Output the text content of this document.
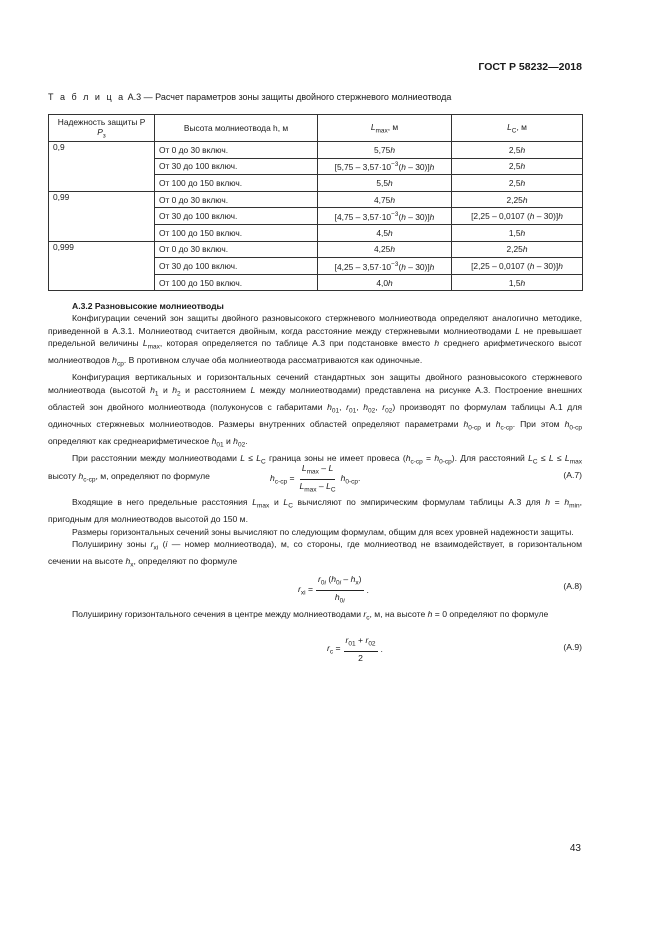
ГОСТ Р 58232—2018
Т а б л и ц а А.3 — Расчет параметров зоны защиты двойного стержневого молниеотвода
Надежность защиты P $P_з$	Высота молниеотвода h, м	$L_{max}$, м	$L_C$, м
0,9	От 0 до 30 включ.	5,75h	2,5h
	От 30 до 100 включ.	$[5,75 - 3,57\cdot 10^{-3}(h - 30)]h$	2,5h
	От 100 до 150 включ.	5,5h	2,5h
0,99	От 0 до 30 включ.	4,75h	2,25h
	От 30 до 100 включ.	$[4,75 - 3,57\cdot 10^{-3}(h - 30)]h$	[2,25 – 0,0107 (h – 30)]h
	От 100 до 150 включ.	4,5h	1,5h
0,999	От 0 до 30 включ.	4,25h	2,25h
	От 30 до 100 включ.	$[4,25 - 3,57\cdot 10^{-3}(h - 30)]h$	[2,25 – 0,0107 (h – 30)]h
	От 100 до 150 включ.	4,0h	1,5h

А.3.2 Разновысокие молниеотводы

Конфигурации сечений зон защиты двойного разновысокого стержневого молниеотвода определяют аналогично методике, приведенной в А.3.1. Молниеотвод считается двойным, когда расстояние между стержневыми молниеотводами L не превышает предельной величины $L_{max}$, которая определяется по таблице А.3 при подстановке вместо h среднего арифметического высот молниеотводов $h_{ср}$. В противном случае оба молниеотвода рассматриваются как одиночные.

Конфигурация вертикальных и горизонтальных сечений стандартных зон защиты двойного разновысокого стержневого молниеотвода (высотой $h_1$ и $h_2$ и расстоянием L между молниеотводами) представлена на рисунке А.3. Построение внешних областей зон двойного молниеотвода (полуконусов с габаритами $h_{01}$, $r_{01}$, $h_{02}$, $r_{02}$) производят по формулам таблицы А.1 для одиночных стержневых молниеотводов. Размеры внутренних областей определяют параметрами $h_{0-ср}$ и $h_{с-ср}$. При этом $h_{0-ср}$ определяют как среднеарифметическое $h_{01}$ и $h_{02}$.

При расстоянии между молниеотводами $L \le L_C$ граница зоны не имеет провеса $(h_{с-ср} = h_{0-ср})$. Для расстояний $L_C \le L \le L_{max}$ высоту $h_{с-ср}$, м, определяют по формуле	$h_{с-ср} = \frac{L_{max} - L}{L_{max} - L_C} h_{0-ср}$.	(А.7)

Входящие в него предельные расстояния $L_{max}$ и $L_C$ вычисляют по эмпирическим формулам таблицы А.3 для $h = h_{min}$, пригодным для молниеотводов высотой до 150 м.

Размеры горизонтальных сечений зоны вычисляют по следующим формулам, общим для всех уровней надежности защиты.

Полуширину зоны $r_{xi}$ (i — номер молниеотвода), м, со стороны, где молниеотвод не взаимодействует, в горизонтальном сечении на высоте $h_x$, определяют по формуле

$r_{xi} = \frac{r_{0i} (h_{0i} - h_x)}{h_{0i}}$ .	(А.8)

Полуширину горизонтального сечения в центре между молниеотводами $r_c$, м, на высоте h = 0 определяют по формуле

$r_c = \frac{r_{01} + r_{02}}{2}$ .	(А.9)
43
